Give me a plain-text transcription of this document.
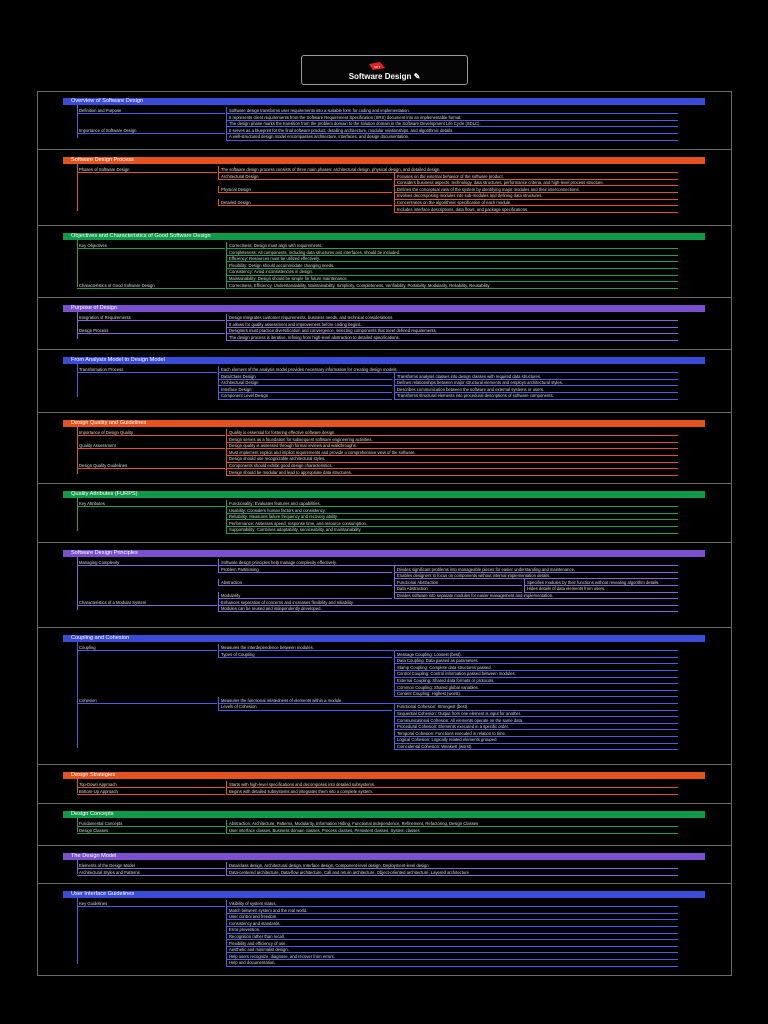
SDT
Software Design ✎
Overview of Software Design
Definition and Purpose	Software design transforms user requirements into a suitable form for coding and implementation.
It represents client requirements from the Software Requirement Specification (SRS) document into an implementable format.
The design phase marks the transition from the problem domain to the solution domain in the Software Development Life Cycle (SDLC).
Importance of Software Design	It serves as a blueprint for the final software product, detailing architecture, modular relationships, and algorithmic details.
A well-structured design model encompasses architecture, interfaces, and design documentation.
Software Design Process
Phases of Software Design	The software design process consists of three main phases: architectural design, physical design, and detailed design.
Architectural Design	Focuses on the external behavior of the software product.
Considers business aspects, technology, data structures, performance criteria, and high-level process structure.
Physical Design	Defines the conceptual view of the system by identifying major modules and their interconnections.
Involves decomposing modules into sub-modules and defining data structures.
Detailed Design	Concentrates on the algorithmic specification of each module.
Includes interface descriptions, data flows, and package specifications.
Objectives and Characteristics of Good Software Design
Key Objectives	Correctness: Design must align with requirements.
Completeness: All components, including data structures and interfaces, should be included.
Efficiency: Resources must be utilized effectively.
Flexibility: Design should accommodate changing needs.
Consistency: Avoid inconsistencies in design.
Maintainability: Design should be simple for future maintenance.
Characteristics of Good Software Design	Correctness, Efficiency, Understandability, Maintainability, Simplicity, Completeness, Verifiability, Portability, Modularity, Reliability, Reusability
Purpose of Design
Integration of Requirements	Design integrates customer requirements, business needs, and technical considerations.
It allows for quality assessment and improvement before coding begins.
Design Process	Designers must practice diversification and convergence, selecting components that meet defined requirements.
The design process is iterative, refining from high-level abstraction to detailed specifications.
From Analysis Model to Design Model
Transformation Process	Each element of the analysis model provides necessary information for creating design models.
Data/Class Design	Transforms analysis classes into design classes with required data structures.
Architectural Design	Defines relationships between major structural elements and employs architectural styles.
Interface Design	Describes communication between the software and external systems or users.
Component Level Design	Transforms structural elements into procedural descriptions of software components.
Design Quality and Guidelines
Importance of Design Quality	Quality is essential for fostering effective software design.
Design serves as a foundation for subsequent software engineering activities.
Quality Assessment	Design quality is assessed through formal reviews and walkthroughs.
Must implement explicit and implicit requirements and provide a comprehensive view of the software.
Design should use recognizable architectural styles.
Design Quality Guidelines	Components should exhibit good design characteristics.
Design should be modular and lead to appropriate data structures.
Quality Attributes (FURPS)
Key Attributes	Functionality: Evaluates features and capabilities.
Usability: Considers human factors and consistency.
Reliability: Measures failure frequency and recovery ability.
Performance: Assesses speed, response time, and resource consumption.
Supportability: Combines adaptability, serviceability, and maintainability.
Software Design Principles
Managing Complexity	Software design principles help manage complexity effectively.
Problem Partitioning	Divides significant problems into manageable pieces for easier understanding and maintenance.
Enables designers to focus on components without internal implementation details.
Abstraction	Functional Abstraction	Specifies modules by their functions without revealing algorithm details.
Data Abstraction	Hides details of data elements from users.
Modularity	Divides software into separate modules for easier management and implementation.
Characteristics of a Modular System	Enhances separation of concerns and increases flexibility and reliability.
Modules can be reused and independently developed.
Coupling and Cohesion
Coupling	Measures the interdependence between modules.
Types of Coupling	Message Coupling: Loosest (best).
Data Coupling: Data passed as parameters.
Stamp Coupling: Complete data structures passed.
Control Coupling: Control information passed between modules.
External Coupling: Shared data formats or protocols.
Common Coupling: Shared global variables.
Content Coupling: Highest (worst).
Cohesion	Measures the functional relatedness of elements within a module.
Levels of Cohesion	Functional Cohesion: Strongest (best).
Sequential Cohesion: Output from one element is input for another.
Communicational Cohesion: All elements operate on the same data.
Procedural Cohesion: Elements executed in a specific order.
Temporal Cohesion: Functions executed in relation to time.
Logical Cohesion: Logically related elements grouped.
Coincidental Cohesion: Weakest (worst).
Design Strategies
Top-Down Approach	Starts with high-level specifications and decomposes into detailed subsystems.
Bottom-Up Approach	Begins with detailed subsystems and integrates them into a complete system.
Design Concepts
Fundamental Concepts	Abstraction, Architecture, Patterns, Modularity, Information Hiding, Functional Independence, Refinement, Refactoring, Design Classes
Design Classes	User interface classes, Business domain classes, Process classes, Persistent classes, System classes
The Design Model
Elements of the Design Model	Data/class design, Architectural design, Interface design, Component-level design, Deployment-level design
Architectural Styles and Patterns	Data-centered architecture, Data-flow architecture, Call and return architecture, Object-oriented architecture, Layered architecture
User Interface Guidelines
Key Guidelines	Visibility of system status.
Match between system and the real world.
User control and freedom.
Consistency and standards.
Error prevention.
Recognition rather than recall.
Flexibility and efficiency of use.
Aesthetic and minimalist design.
Help users recognize, diagnose, and recover from errors.
Help and documentation.
